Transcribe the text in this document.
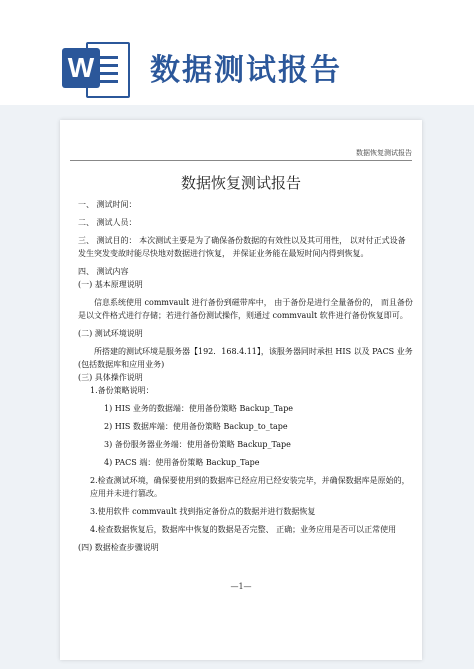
W 数据测试报告
数据恢复测试报告
数据恢复测试报告

一、 测试时间：

二、 测试人员：

三、 测试目的： 本次测试主要是为了确保备份数据的有效性以及其可用性， 以对付正式设备发生突发变故时能尽快地对数据进行恢复， 并保证业务能在最短时间内得到恢复。

四、 测试内容

(一) 基本原理说明

信息系统使用 commvault 进行备份到磁带库中， 由于备份是进行全量备份的， 而且备份是以文件格式进行存储；若进行备份测试操作，则通过 commvault 软件进行备份恢复即可。

(二) 测试环境说明

所搭建的测试环境是服务器【192．168.4.11】，该服务器同时承担 HIS 以及 PACS 业务(包括数据库和应用业务)

(三) 具体操作说明

1.备份策略说明：

1) HIS 业务的数据端：使用备份策略 Backup_Tape

2) HIS 数据库端：使用备份策略 Backup_to_tape

3) 备份服务器业务端：使用备份策略 Backup_Tape

4) PACS 端：使用备份策略 Backup_Tape

2.检查测试环境，确保要使用到的数据库已经应用已经安装完毕，并确保数据库是原始的，应用并未进行篡改。

3.使用软件 commvault 找到指定备份点的数据并进行数据恢复

4.检查数据恢复后，数据库中恢复的数据是否完整、 正确；业务应用是否可以正常使用

(四) 数据检查步骤说明

—1—
